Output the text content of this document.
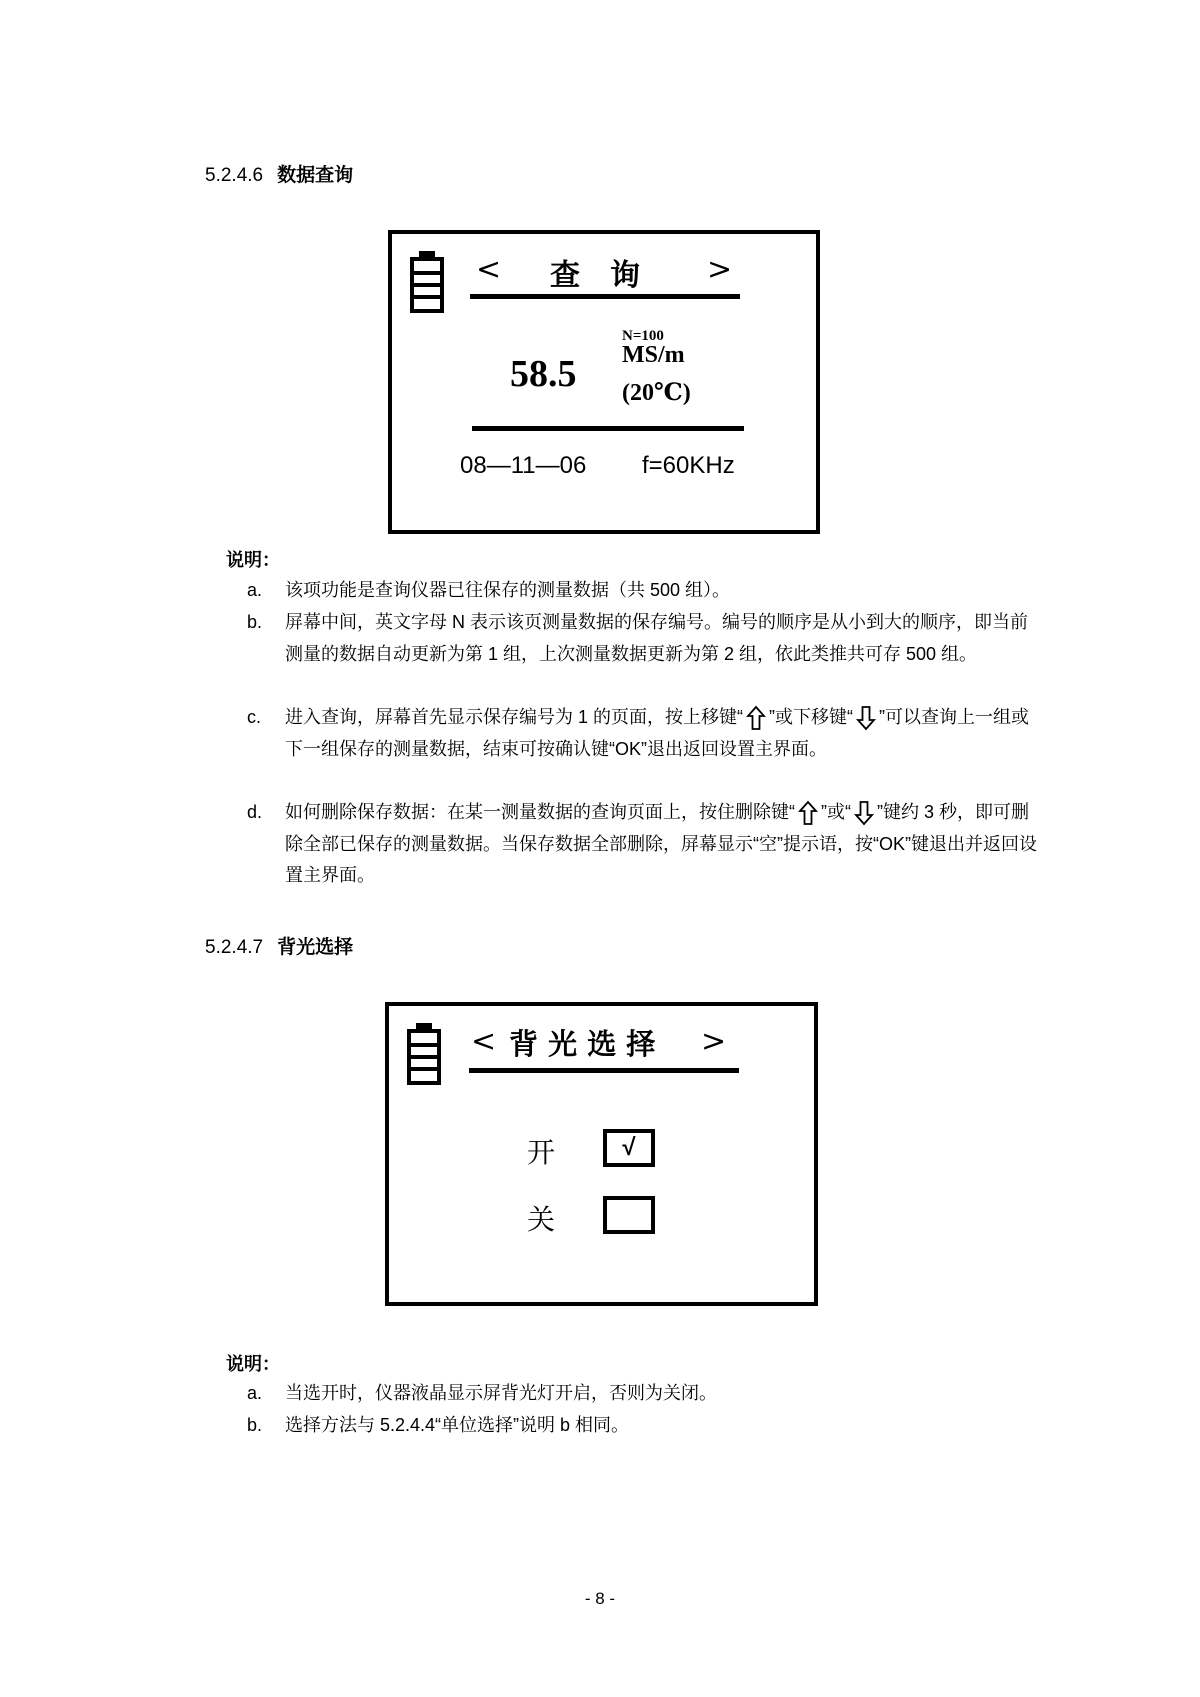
5.2.4.6 数据查询
< 查　询 >
N=100
58.5 MS/m
(20℃)
08—11—06 f=60KHz
说明：
a.	该项功能是查询仪器已往保存的测量数据（共 500 组）。
b.	屏幕中间，英文字母 N 表示该页测量数据的保存编号。编号的顺序是从小到大的顺序，即当前测量的数据自动更新为第 1 组，上次测量数据更新为第 2 组，依此类推共可存 500 组。
c.	进入查询，屏幕首先显示保存编号为 1 的页面，按上移键“ ”或下移键“ ”可以查询上一组或下一组保存的测量数据，结束可按确认键“OK”退出返回设置主界面。
d.	如何删除保存数据：在某一测量数据的查询页面上，按住删除键“ ”或“ ”键约 3 秒，即可删除全部已保存的测量数据。当保存数据全部删除，屏幕显示“空”提示语，按“OK”键退出并返回设置主界面。
5.2.4.7 背光选择
< 背 光 选 择 >
开	√
关
说明：
a.	当选开时，仪器液晶显示屏背光灯开启，否则为关闭。
b.	选择方法与 5.2.4.4“单位选择”说明 b 相同。
- 8 -
